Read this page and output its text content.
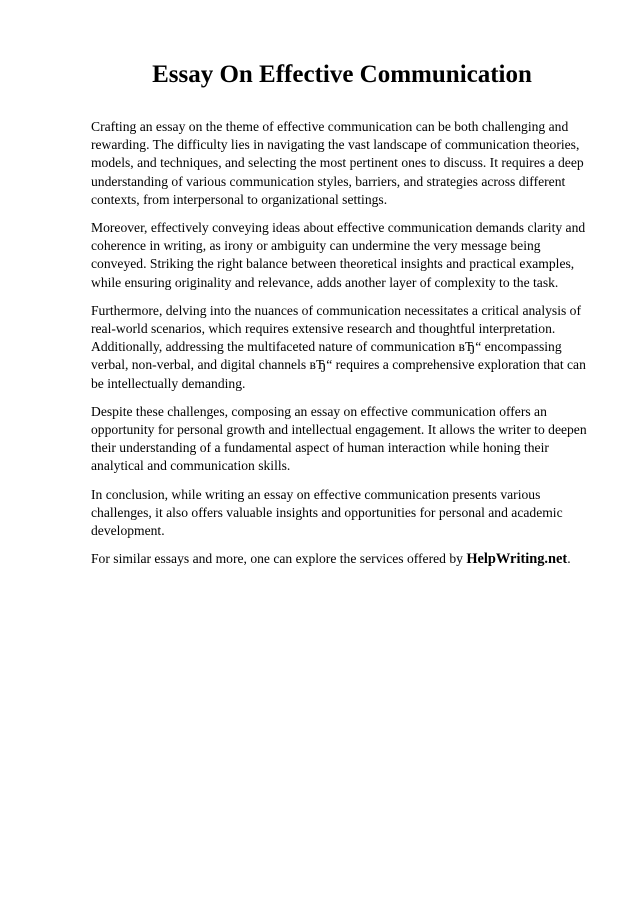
Essay On Effective Communication

Crafting an essay on the theme of effective communication can be both challenging and rewarding. The difficulty lies in navigating the vast landscape of communication theories, models, and techniques, and selecting the most pertinent ones to discuss. It requires a deep understanding of various communication styles, barriers, and strategies across different contexts, from interpersonal to organizational settings.

Moreover, effectively conveying ideas about effective communication demands clarity and coherence in writing, as irony or ambiguity can undermine the very message being conveyed. Striking the right balance between theoretical insights and practical examples, while ensuring originality and relevance, adds another layer of complexity to the task.

Furthermore, delving into the nuances of communication necessitates a critical analysis of real-world scenarios, which requires extensive research and thoughtful interpretation. Additionally, addressing the multifaceted nature of communication вЂ“ encompassing verbal, non-verbal, and digital channels вЂ“ requires a comprehensive exploration that can be intellectually demanding.

Despite these challenges, composing an essay on effective communication offers an opportunity for personal growth and intellectual engagement. It allows the writer to deepen their understanding of a fundamental aspect of human interaction while honing their analytical and communication skills.

In conclusion, while writing an essay on effective communication presents various challenges, it also offers valuable insights and opportunities for personal and academic development.

For similar essays and more, one can explore the services offered by HelpWriting.net.
